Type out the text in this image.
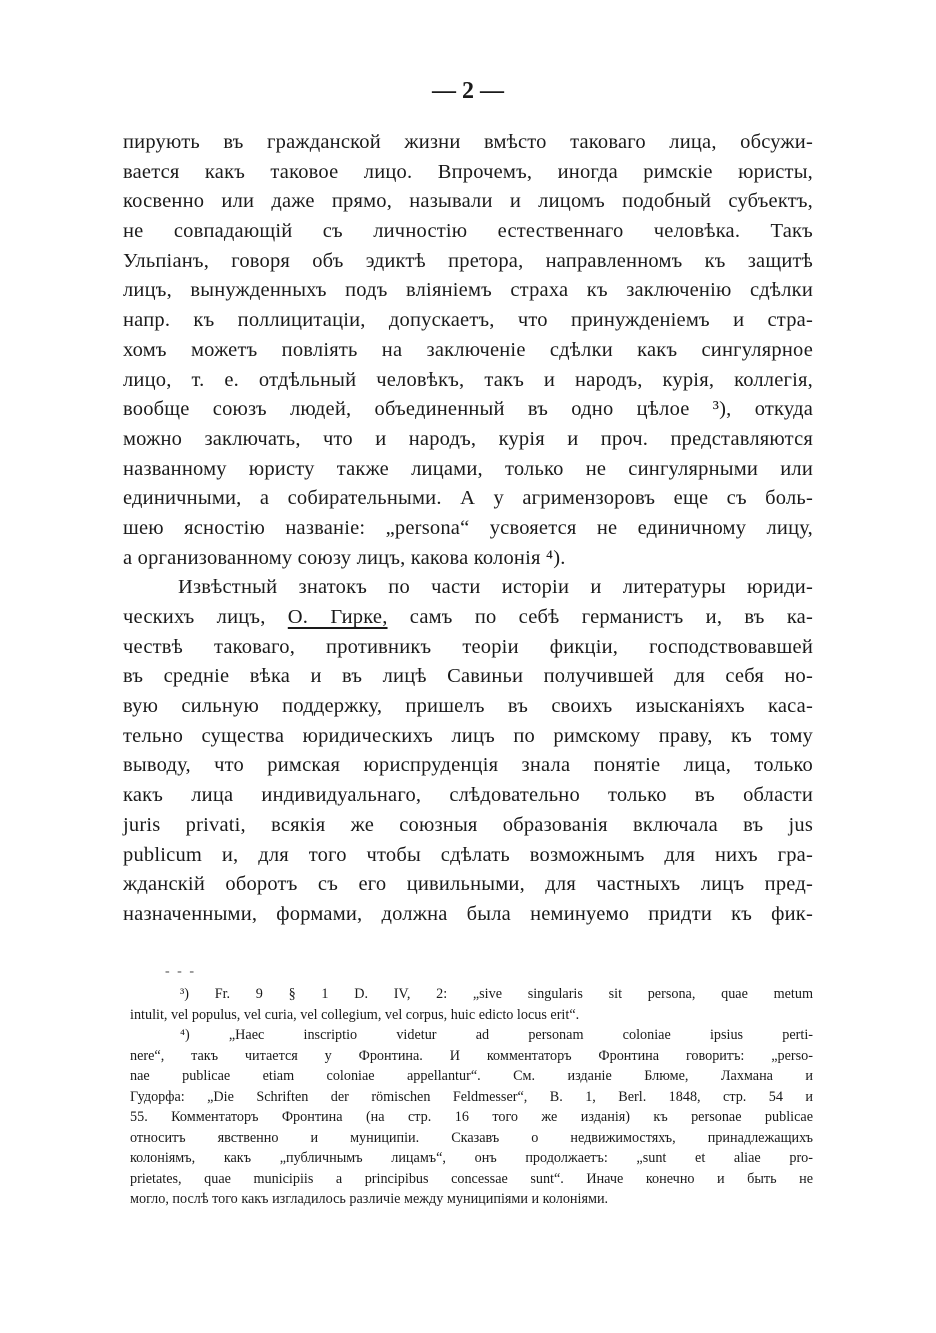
— 2 —
пирують въ гражданской жизни вмѣсто таковаго лица, обсужи-
вается какъ таковое лицо. Впрочемъ, иногда римскіе юристы,
косвенно или даже прямо, называли и лицомъ подобный субъектъ,
не совпадающій съ личностію естественнаго человѣка. Такъ
Ульпіанъ, говоря объ эдиктѣ претора, направленномъ къ защитѣ
лицъ, вынужденныхъ подъ вліяніемъ страха къ заключенію сдѣлки
напр. къ поллицитаціи, допускаетъ, что принужденіемъ и стра-
хомъ можетъ повліять на заключеніе сдѣлки какъ сингулярное
лицо, т. е. отдѣльный человѣкъ, такъ и народъ, курія, коллегія,
вообще союзъ людей, объединенный въ одно цѣлое ³), откуда
можно заключать, что и народъ, курія и проч. представляются
названному юристу также лицами, только не сингулярными или
единичными, а собирательными. А у агримензоровъ еще съ боль-
шею ясностію названіе: „persona“ усвояется не единичному лицу,
а организованному союзу лицъ, какова колонія ⁴).
Извѣстный знатокъ по части исторіи и литературы юриди-
ческихъ лицъ, О. Гирке, самъ по себѣ германистъ и, въ ка-
чествѣ таковаго, противникъ теоріи фикціи, господствовавшей
въ средніе вѣка и въ лицѣ Савиньи получившей для себя но-
вую сильную поддержку, пришелъ въ своихъ изысканіяхъ каса-
тельно существа юридическихъ лицъ по римскому праву, къ тому
выводу, что римская юриспруденція знала понятіе лица, только
какъ лица индивидуальнаго, слѣдовательно только въ области
juris privati, всякія же союзныя образованія включала въ jus
publicum и, для того чтобы сдѣлать возможнымъ для нихъ гра-
жданскій оборотъ съ его цивильными, для частныхъ лицъ пред-
назначенными, формами, должна была неминуемо придти къ фик-
- - -
³) Fr. 9 § 1 D. IV, 2: „sive singularis sit persona, quae metum
intulit, vel populus, vel curia, vel collegium, vel corpus, huic edicto locus erit“.
⁴) „Haec inscriptio videtur ad personam coloniae ipsius perti-
nere“, такъ читается у Фронтина. И комментаторъ Фронтина говоритъ: „perso-
nae publicae etiam coloniae appellantur“. См. изданіе Блюме, Лахмана и
Гудорфа: „Die Schriften der römischen Feldmesser“, B. 1, Berl. 1848, стр. 54 и
55. Комментаторъ Фронтина (на стр. 16 того же изданія) къ personae publicae
относитъ явственно и муниципіи. Сказавъ о недвижимостяхъ, принадлежащихъ
колоніямъ, какъ „публичнымъ лицамъ“, онъ продолжаетъ: „sunt et aliae pro-
prietates, quae municipiis a principibus concessae sunt“. Иначе конечно и быть не
могло, послѣ того какъ изгладилось различіе между муниципіями и колоніями.
